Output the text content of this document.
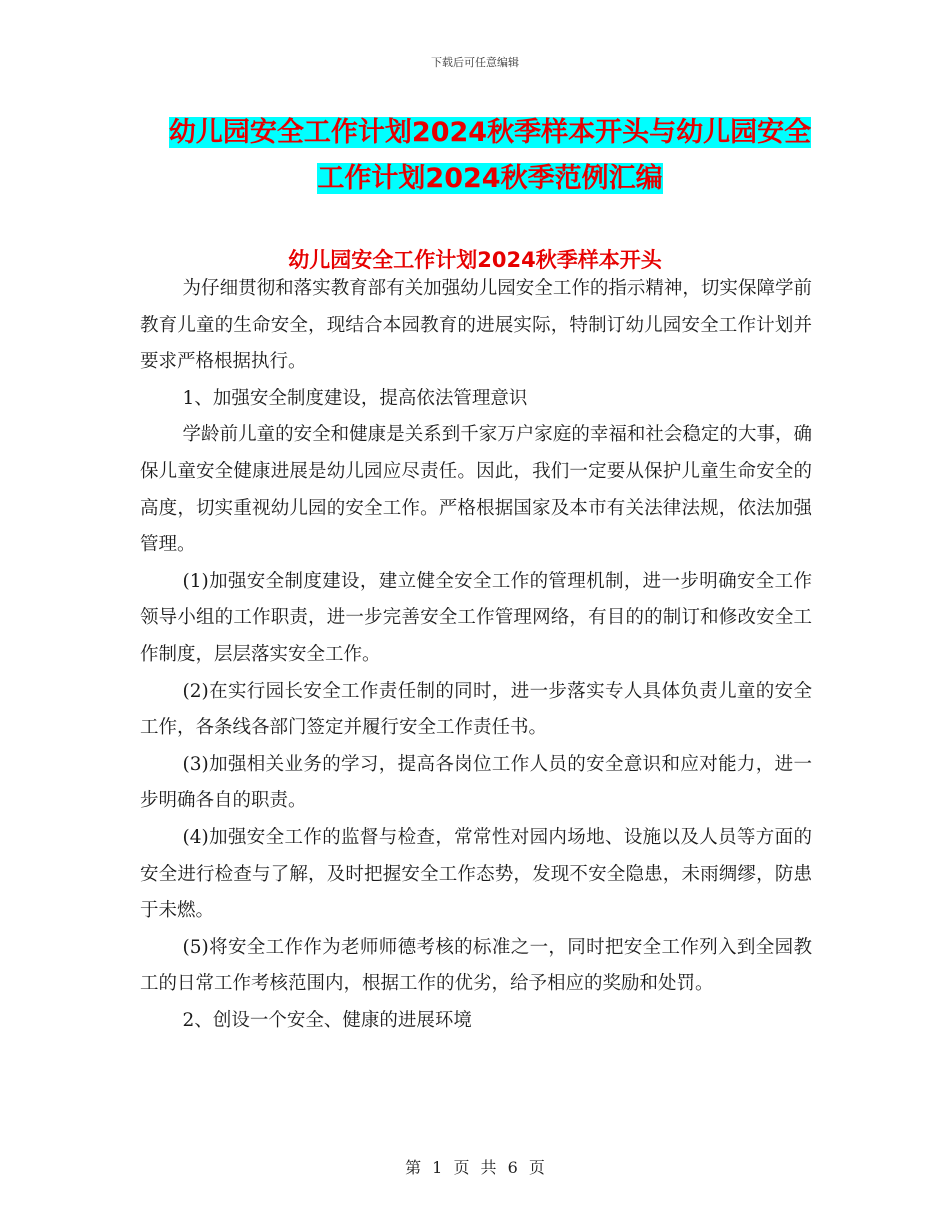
下载后可任意编辑
幼儿园安全工作计划2024秋季样本开头与幼儿园安全
工作计划2024秋季范例汇编
幼儿园安全工作计划2024秋季样本开头

为仔细贯彻和落实教育部有关加强幼儿园安全工作的指示精神，切实保障学前教育儿童的生命安全，现结合本园教育的进展实际，特制订幼儿园安全工作计划并要求严格根据执行。

1、加强安全制度建设，提高依法管理意识

学龄前儿童的安全和健康是关系到千家万户家庭的幸福和社会稳定的大事，确保儿童安全健康进展是幼儿园应尽责任。因此，我们一定要从保护儿童生命安全的高度，切实重视幼儿园的安全工作。严格根据国家及本市有关法律法规，依法加强管理。

(1)加强安全制度建设，建立健全安全工作的管理机制，进一步明确安全工作领导小组的工作职责，进一步完善安全工作管理网络，有目的的制订和修改安全工作制度，层层落实安全工作。

(2)在实行园长安全工作责任制的同时，进一步落实专人具体负责儿童的安全工作，各条线各部门签定并履行安全工作责任书。

(3)加强相关业务的学习，提高各岗位工作人员的安全意识和应对能力，进一步明确各自的职责。

(4)加强安全工作的监督与检查，常常性对园内场地、设施以及人员等方面的安全进行检查与了解，及时把握安全工作态势，发现不安全隐患，未雨绸缪，防患于未燃。

(5)将安全工作作为老师师德考核的标准之一，同时把安全工作列入到全园教工的日常工作考核范围内，根据工作的优劣，给予相应的奖励和处罚。

2、创设一个安全、健康的进展环境

第 1 页 共 6 页
